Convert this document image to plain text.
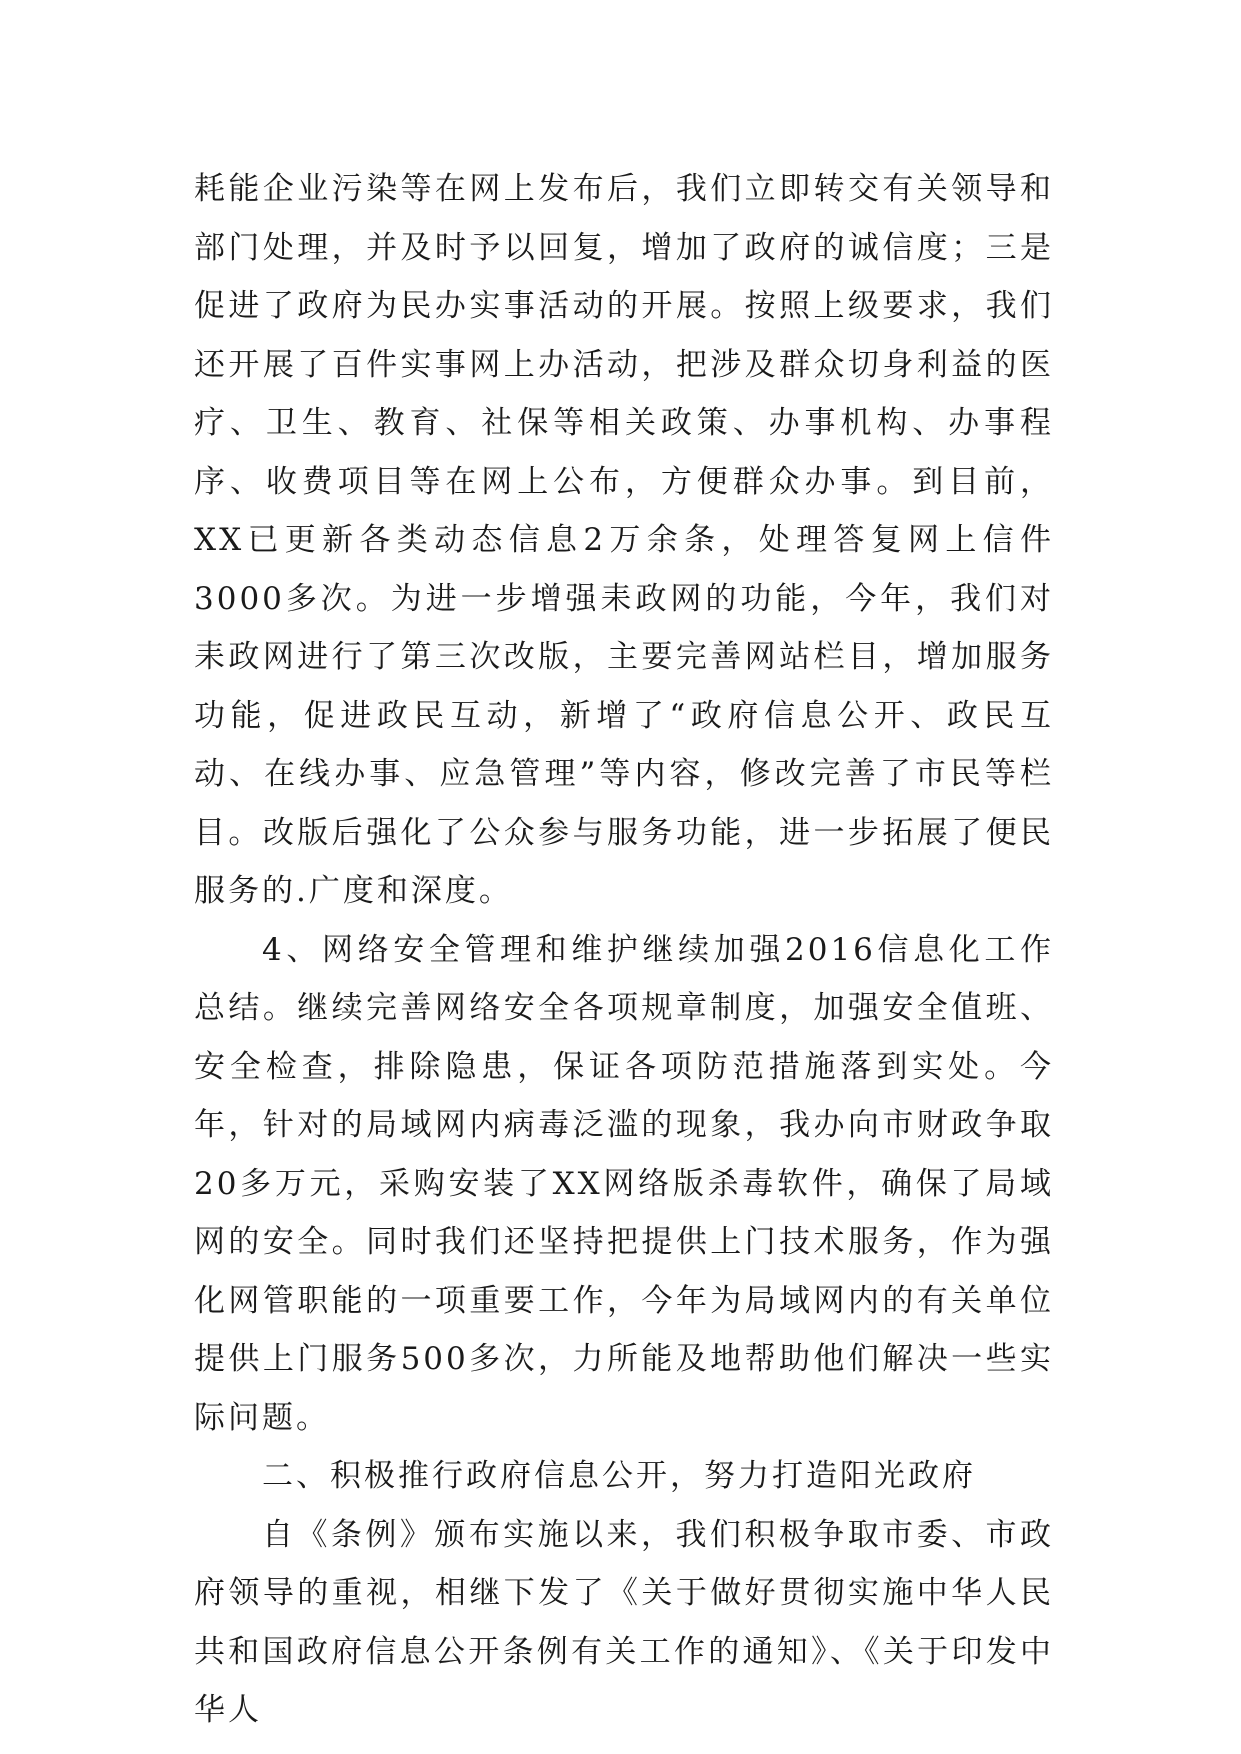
耗能企业污染等在网上发布后，我们立即转交有关领导和部门处理，并及时予以回复，增加了政府的诚信度；三是促进了政府为民办实事活动的开展。按照上级要求，我们还开展了百件实事网上办活动，把涉及群众切身利益的医疗、卫生、教育、社保等相关政策、办事机构、办事程序、收费项目等在网上公布，方便群众办事。到目前，XX已更新各类动态信息2万余条，处理答复网上信件3000多次。为进一步增强耒政网的功能，今年，我们对耒政网进行了第三次改版，主要完善网站栏目，增加服务功能，促进政民互动，新增了“政府信息公开、政民互动、在线办事、应急管理”等内容，修改完善了市民等栏目。改版后强化了公众参与服务功能，进一步拓展了便民服务的.广度和深度。

4、网络安全管理和维护继续加强2016信息化工作总结。继续完善网络安全各项规章制度，加强安全值班、安全检查，排除隐患，保证各项防范措施落到实处。今年，针对的局域网内病毒泛滥的现象，我办向市财政争取20多万元，采购安装了XX网络版杀毒软件，确保了局域网的安全。同时我们还坚持把提供上门技术服务，作为强化网管职能的一项重要工作，今年为局域网内的有关单位提供上门服务500多次，力所能及地帮助他们解决一些实际问题。

二、积极推行政府信息公开，努力打造阳光政府

自《条例》颁布实施以来，我们积极争取市委、市政府领导的重视，相继下发了《关于做好贯彻实施中华人民共和国政府信息公开条例有关工作的通知》、《关于印发中华人
